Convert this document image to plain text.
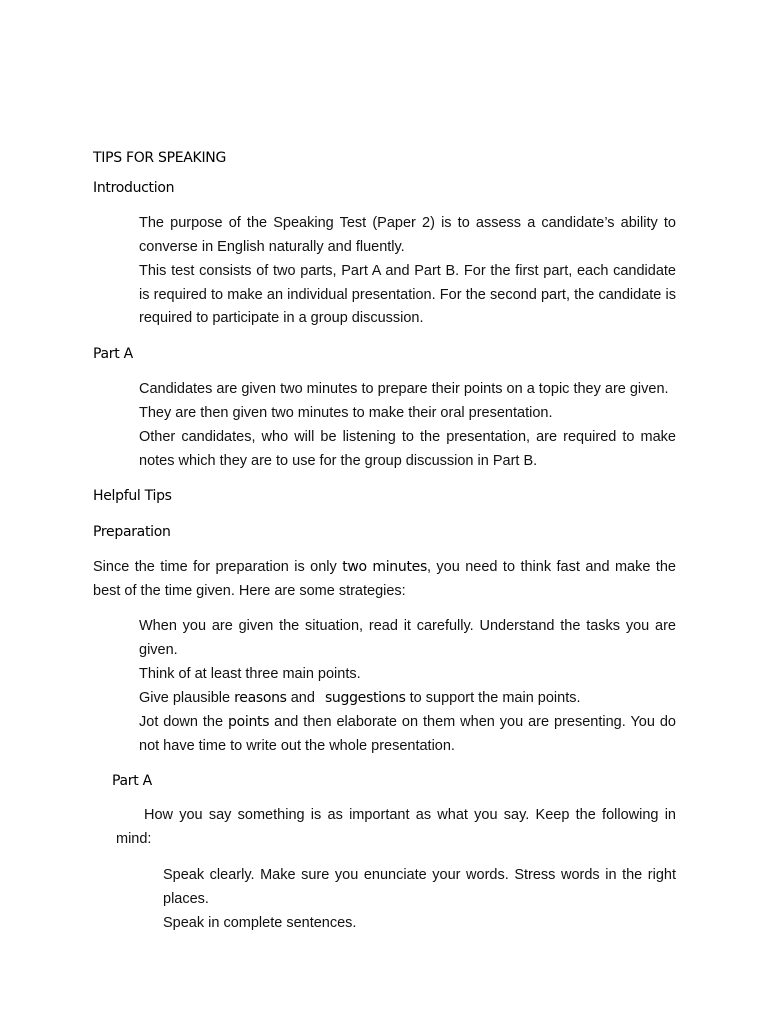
TIPS FOR SPEAKING
Introduction
The purpose of the Speaking Test (Paper 2) is to assess a candidate’s ability to converse in English naturally and fluently.
This test consists of two parts, Part A and Part B. For the first part, each candidate is required to make an individual presentation. For the second part, the candidate is required to participate in a group discussion.
Part A
Candidates are given two minutes to prepare their points on a topic they are given.
They are then given two minutes to make their oral presentation.
Other candidates, who will be listening to the presentation, are required to make notes which they are to use for the group discussion in Part B.
Helpful Tips
Preparation
Since the time for preparation is only two minutes, you need to think fast and make the best of the time given. Here are some strategies:
When you are given the situation, read it carefully. Understand the tasks you are given.
Think of at least three main points.
Give plausible reasons and suggestions to support the main points.
Jot down the points and then elaborate on them when you are presenting. You do not have time to write out the whole presentation.
Part A
How you say something is as important as what you say. Keep the following in mind:
Speak clearly. Make sure you enunciate your words. Stress words in the right places.
Speak in complete sentences.
